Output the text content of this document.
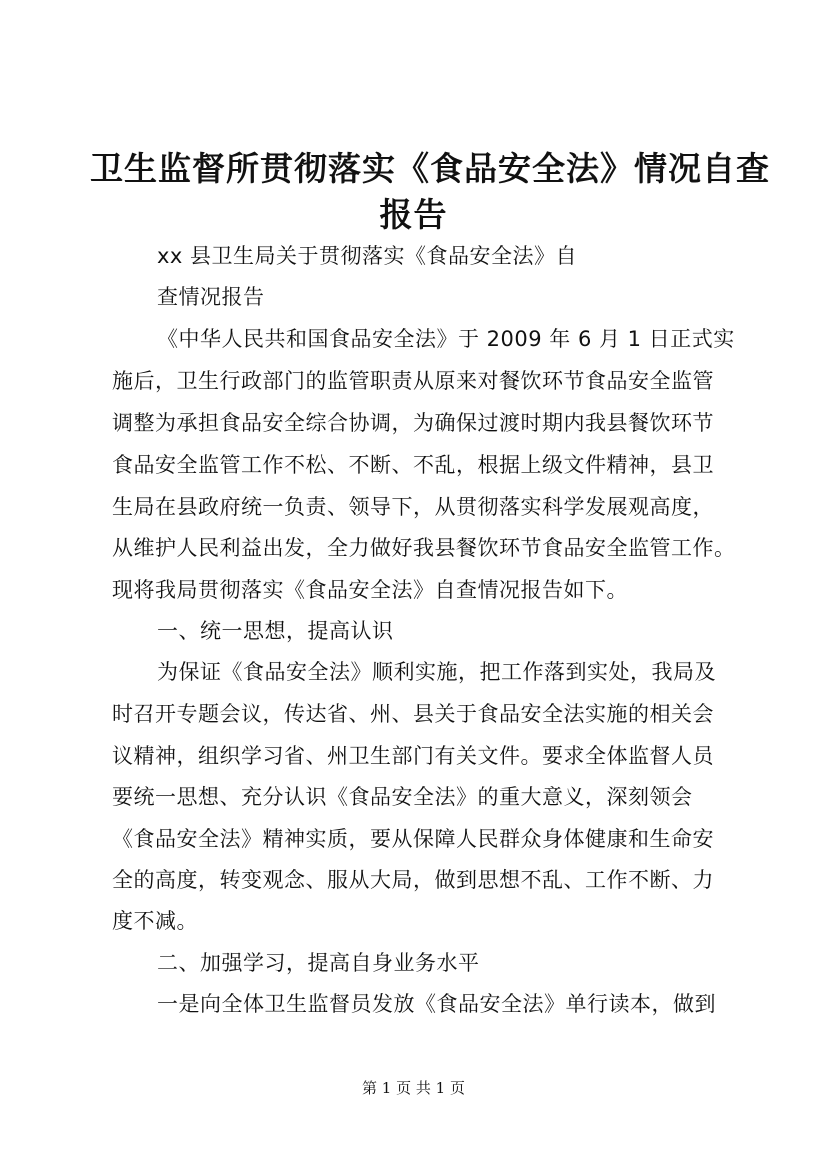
卫生监督所贯彻落实《食品安全法》情况自查
报告
xx 县卫生局关于贯彻落实《食品安全法》自
查情况报告
《中华人民共和国食品安全法》于 2009 年 6 月 1 日正式实
施后，卫生行政部门的监管职责从原来对餐饮环节食品安全监管
调整为承担食品安全综合协调，为确保过渡时期内我县餐饮环节
食品安全监管工作不松、不断、不乱，根据上级文件精神，县卫
生局在县政府统一负责、领导下，从贯彻落实科学发展观高度，
从维护人民利益出发，全力做好我县餐饮环节食品安全监管工作。
现将我局贯彻落实《食品安全法》自查情况报告如下。
一、统一思想，提高认识
为保证《食品安全法》顺利实施，把工作落到实处，我局及
时召开专题会议，传达省、州、县关于食品安全法实施的相关会
议精神，组织学习省、州卫生部门有关文件。要求全体监督人员
要统一思想、充分认识《食品安全法》的重大意义，深刻领会
《食品安全法》精神实质，要从保障人民群众身体健康和生命安
全的高度，转变观念、服从大局，做到思想不乱、工作不断、力
度不减。
二、加强学习，提高自身业务水平
一是向全体卫生监督员发放《食品安全法》单行读本，做到
第 1 页 共 1 页
